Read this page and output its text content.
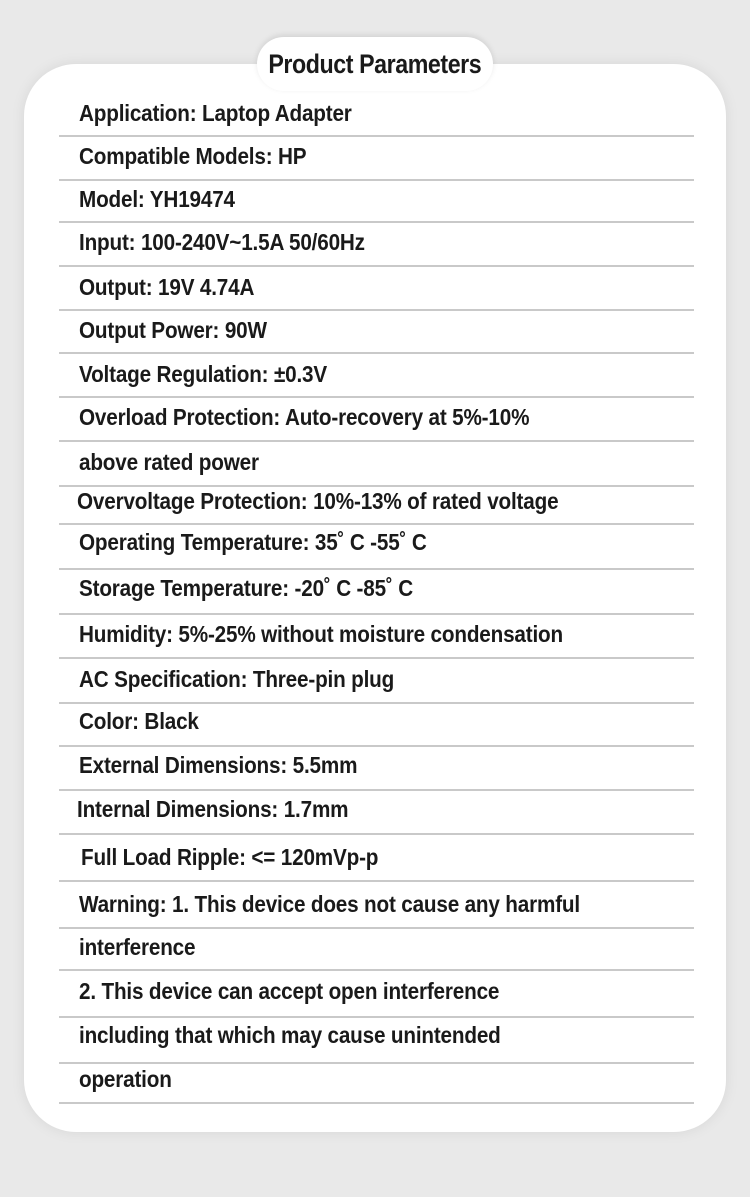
Product Parameters
Application: Laptop Adapter
Compatible Models: HP
Model: YH19474
Input: 100-240V~1.5A 50/60Hz
Output: 19V 4.74A
Output Power: 90W
Voltage Regulation: ±0.3V
Overload Protection: Auto-recovery at 5%-10%
above rated power
Overvoltage Protection: 10%-13% of rated voltage
Operating Temperature: 35˚ C -55˚ C
Storage Temperature: -20˚ C -85˚ C
Humidity: 5%-25% without moisture condensation
AC Specification: Three-pin plug
Color: Black
External Dimensions: 5.5mm
Internal Dimensions: 1.7mm
Full Load Ripple: <= 120mVp-p
Warning: 1. This device does not cause any harmful
interference
2. This device can accept open interference
including that which may cause unintended
operation
